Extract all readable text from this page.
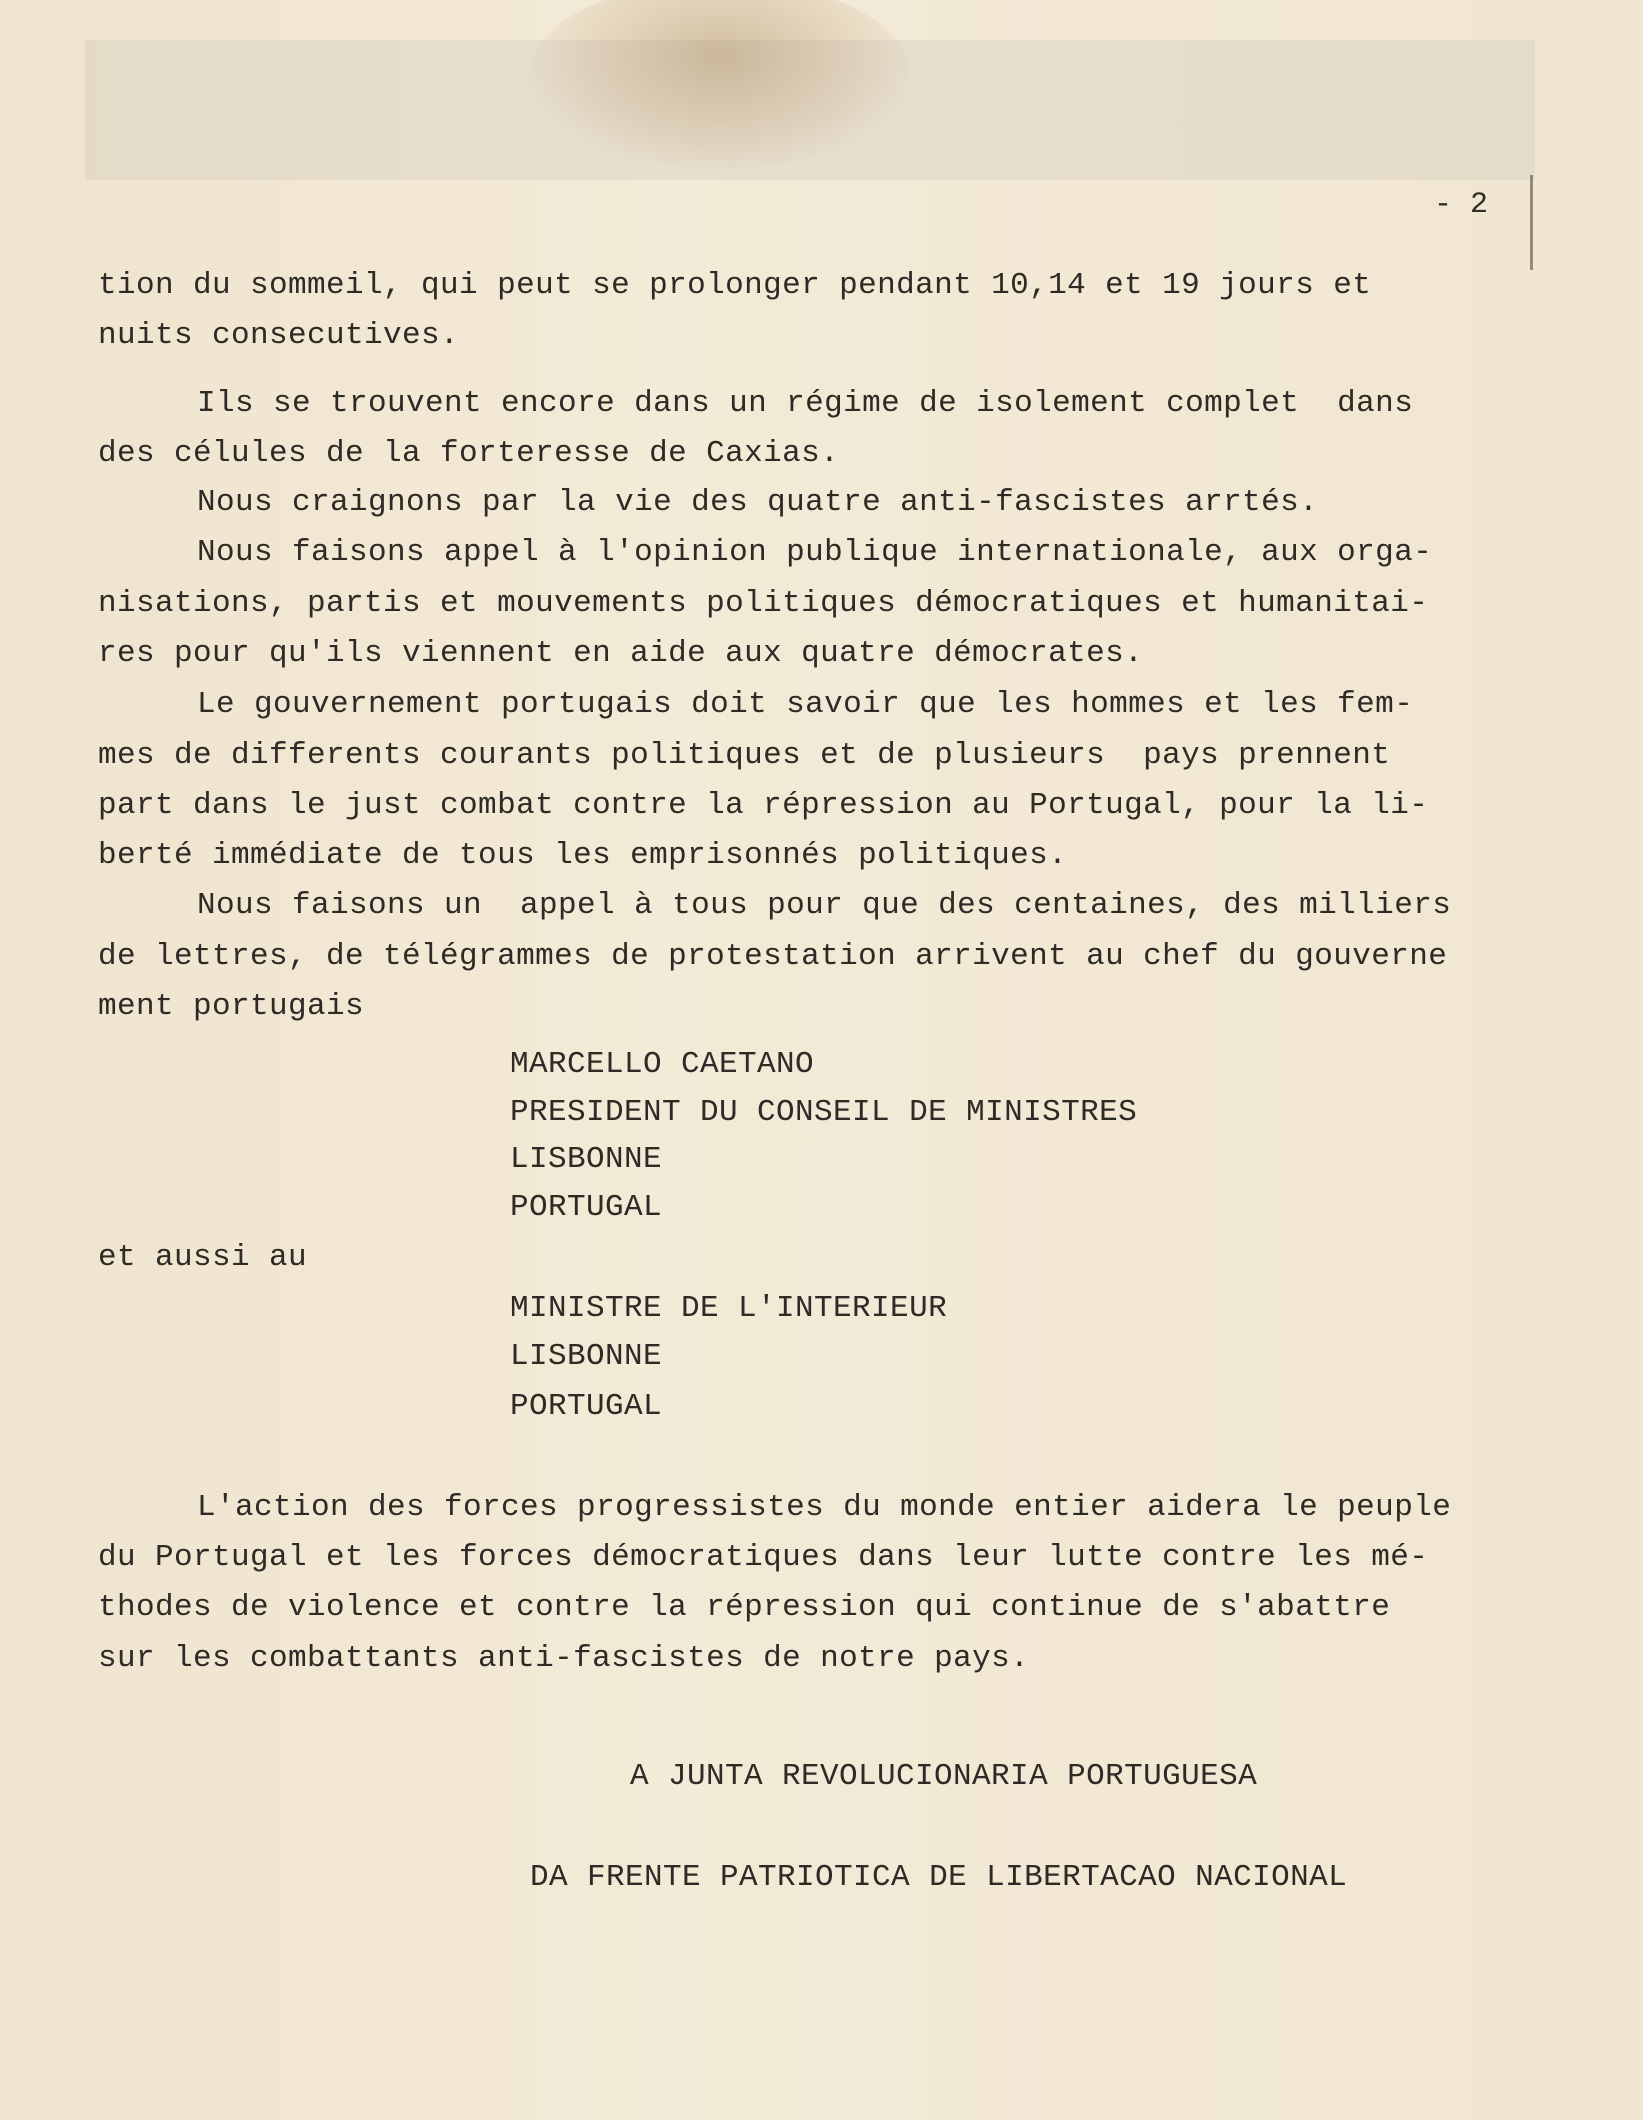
- 2
tion du sommeil, qui peut se prolonger pendant 10,14 et 19 jours et
nuits consecutives.
Ils se trouvent encore dans un régime de isolement complet  dans
des célules de la forteresse de Caxias.
Nous craignons par la vie des quatre anti-fascistes arrtés.
Nous faisons appel à l'opinion publique internationale, aux orga-
nisations, partis et mouvements politiques démocratiques et humanitai-
res pour qu'ils viennent en aide aux quatre démocrates.
Le gouvernement portugais doit savoir que les hommes et les fem-
mes de differents courants politiques et de plusieurs  pays prennent
part dans le just combat contre la répression au Portugal, pour la li-
berté immédiate de tous les emprisonnés politiques.
Nous faisons un  appel à tous pour que des centaines, des milliers
de lettres, de télégrammes de protestation arrivent au chef du gouverne
ment portugais
MARCELLO CAETANO
PRESIDENT DU CONSEIL DE MINISTRES
LISBONNE
PORTUGAL
et aussi au
MINISTRE DE L'INTERIEUR
LISBONNE
PORTUGAL
L'action des forces progressistes du monde entier aidera le peuple
du Portugal et les forces démocratiques dans leur lutte contre les mé-
thodes de violence et contre la répression qui continue de s'abattre
sur les combattants anti-fascistes de notre pays.
A JUNTA REVOLUCIONARIA PORTUGUESA
DA FRENTE PATRIOTICA DE LIBERTACAO NACIONAL
